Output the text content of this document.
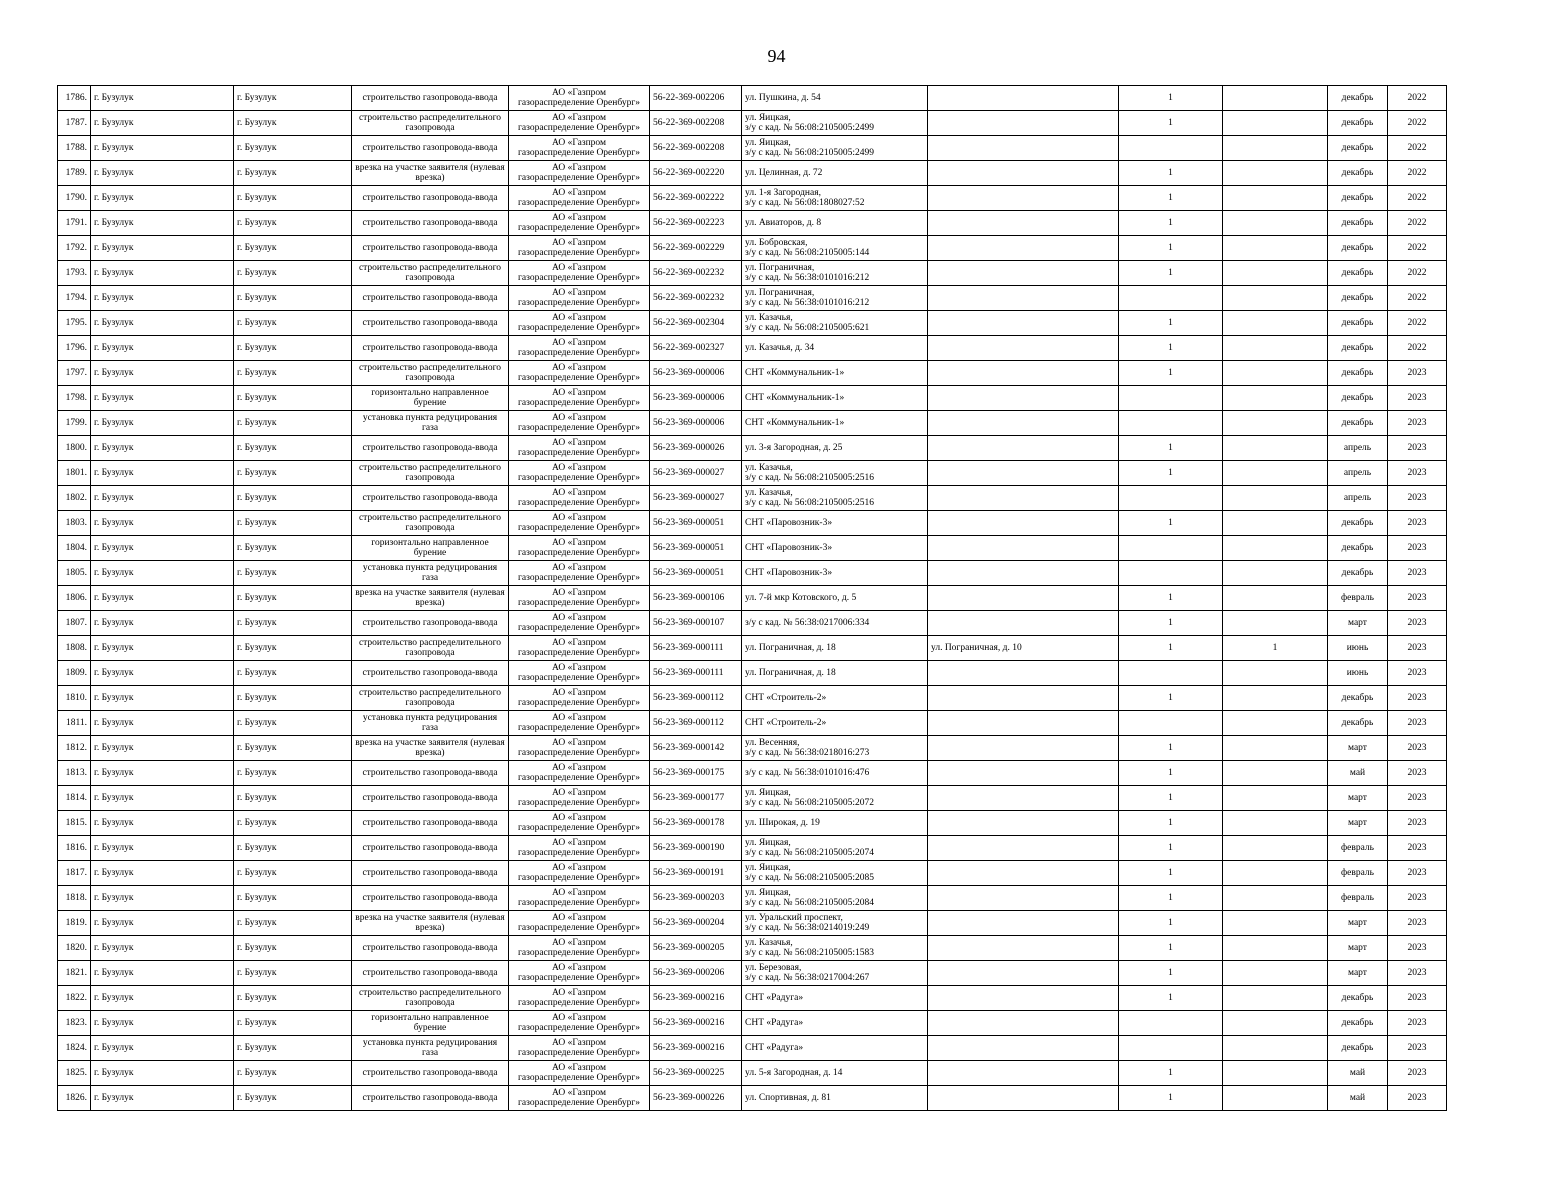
94
1786.	г. Бузулук	г. Бузулук	строительство газопровода-ввода	АО «Газпром
газораспределение Оренбург»	56-22-369-002206	ул. Пушкина, д. 54		1		декабрь	2022
1787.	г. Бузулук	г. Бузулук	строительство распределительного газопровода	АО «Газпром
газораспределение Оренбург»	56-22-369-002208	ул. Яицкая,
з/у с кад. № 56:08:2105005:2499		1		декабрь	2022
1788.	г. Бузулук	г. Бузулук	строительство газопровода-ввода	АО «Газпром
газораспределение Оренбург»	56-22-369-002208	ул. Яицкая,
з/у с кад. № 56:08:2105005:2499				декабрь	2022
1789.	г. Бузулук	г. Бузулук	врезка на участке заявителя (нулевая врезка)	АО «Газпром
газораспределение Оренбург»	56-22-369-002220	ул. Целинная, д. 72		1		декабрь	2022
1790.	г. Бузулук	г. Бузулук	строительство газопровода-ввода	АО «Газпром
газораспределение Оренбург»	56-22-369-002222	ул. 1-я Загородная,
з/у с кад. № 56:08:1808027:52		1		декабрь	2022
1791.	г. Бузулук	г. Бузулук	строительство газопровода-ввода	АО «Газпром
газораспределение Оренбург»	56-22-369-002223	ул. Авиаторов, д. 8		1		декабрь	2022
1792.	г. Бузулук	г. Бузулук	строительство газопровода-ввода	АО «Газпром
газораспределение Оренбург»	56-22-369-002229	ул. Бобровская,
з/у с кад. № 56:08:2105005:144		1		декабрь	2022
1793.	г. Бузулук	г. Бузулук	строительство распределительного газопровода	АО «Газпром
газораспределение Оренбург»	56-22-369-002232	ул. Пограничная,
з/у с кад. № 56:38:0101016:212		1		декабрь	2022
1794.	г. Бузулук	г. Бузулук	строительство газопровода-ввода	АО «Газпром
газораспределение Оренбург»	56-22-369-002232	ул. Пограничная,
з/у с кад. № 56:38:0101016:212				декабрь	2022
1795.	г. Бузулук	г. Бузулук	строительство газопровода-ввода	АО «Газпром
газораспределение Оренбург»	56-22-369-002304	ул. Казачья,
з/у с кад. № 56:08:2105005:621		1		декабрь	2022
1796.	г. Бузулук	г. Бузулук	строительство газопровода-ввода	АО «Газпром
газораспределение Оренбург»	56-22-369-002327	ул. Казачья, д. 34		1		декабрь	2022
1797.	г. Бузулук	г. Бузулук	строительство распределительного газопровода	АО «Газпром
газораспределение Оренбург»	56-23-369-000006	СНТ «Коммунальник-1»		1		декабрь	2023
1798.	г. Бузулук	г. Бузулук	горизонтально направленное бурение	АО «Газпром
газораспределение Оренбург»	56-23-369-000006	СНТ «Коммунальник-1»				декабрь	2023
1799.	г. Бузулук	г. Бузулук	установка пункта редуцирования газа	АО «Газпром
газораспределение Оренбург»	56-23-369-000006	СНТ «Коммунальник-1»				декабрь	2023
1800.	г. Бузулук	г. Бузулук	строительство газопровода-ввода	АО «Газпром
газораспределение Оренбург»	56-23-369-000026	ул. 3-я Загородная, д. 25		1		апрель	2023
1801.	г. Бузулук	г. Бузулук	строительство распределительного газопровода	АО «Газпром
газораспределение Оренбург»	56-23-369-000027	ул. Казачья,
з/у с кад. № 56:08:2105005:2516		1		апрель	2023
1802.	г. Бузулук	г. Бузулук	строительство газопровода-ввода	АО «Газпром
газораспределение Оренбург»	56-23-369-000027	ул. Казачья,
з/у с кад. № 56:08:2105005:2516				апрель	2023
1803.	г. Бузулук	г. Бузулук	строительство распределительного газопровода	АО «Газпром
газораспределение Оренбург»	56-23-369-000051	СНТ «Паровозник-3»		1		декабрь	2023
1804.	г. Бузулук	г. Бузулук	горизонтально направленное бурение	АО «Газпром
газораспределение Оренбург»	56-23-369-000051	СНТ «Паровозник-3»				декабрь	2023
1805.	г. Бузулук	г. Бузулук	установка пункта редуцирования газа	АО «Газпром
газораспределение Оренбург»	56-23-369-000051	СНТ «Паровозник-3»				декабрь	2023
1806.	г. Бузулук	г. Бузулук	врезка на участке заявителя (нулевая врезка)	АО «Газпром
газораспределение Оренбург»	56-23-369-000106	ул. 7-й мкр Котовского, д. 5		1		февраль	2023
1807.	г. Бузулук	г. Бузулук	строительство газопровода-ввода	АО «Газпром
газораспределение Оренбург»	56-23-369-000107	з/у с кад. № 56:38:0217006:334		1		март	2023
1808.	г. Бузулук	г. Бузулук	строительство распределительного газопровода	АО «Газпром
газораспределение Оренбург»	56-23-369-000111	ул. Пограничная, д. 18	ул. Пограничная, д. 10	1	1	июнь	2023
1809.	г. Бузулук	г. Бузулук	строительство газопровода-ввода	АО «Газпром
газораспределение Оренбург»	56-23-369-000111	ул. Пограничная, д. 18				июнь	2023
1810.	г. Бузулук	г. Бузулук	строительство распределительного газопровода	АО «Газпром
газораспределение Оренбург»	56-23-369-000112	СНТ «Строитель-2»		1		декабрь	2023
1811.	г. Бузулук	г. Бузулук	установка пункта редуцирования газа	АО «Газпром
газораспределение Оренбург»	56-23-369-000112	СНТ «Строитель-2»				декабрь	2023
1812.	г. Бузулук	г. Бузулук	врезка на участке заявителя (нулевая врезка)	АО «Газпром
газораспределение Оренбург»	56-23-369-000142	ул. Весенняя,
з/у с кад. № 56:38:0218016:273		1		март	2023
1813.	г. Бузулук	г. Бузулук	строительство газопровода-ввода	АО «Газпром
газораспределение Оренбург»	56-23-369-000175	з/у с кад. № 56:38:0101016:476		1		май	2023
1814.	г. Бузулук	г. Бузулук	строительство газопровода-ввода	АО «Газпром
газораспределение Оренбург»	56-23-369-000177	ул. Яицкая,
з/у с кад. № 56:08:2105005:2072		1		март	2023
1815.	г. Бузулук	г. Бузулук	строительство газопровода-ввода	АО «Газпром
газораспределение Оренбург»	56-23-369-000178	ул. Широкая, д. 19		1		март	2023
1816.	г. Бузулук	г. Бузулук	строительство газопровода-ввода	АО «Газпром
газораспределение Оренбург»	56-23-369-000190	ул. Яицкая,
з/у с кад. № 56:08:2105005:2074		1		февраль	2023
1817.	г. Бузулук	г. Бузулук	строительство газопровода-ввода	АО «Газпром
газораспределение Оренбург»	56-23-369-000191	ул. Яицкая,
з/у с кад. № 56:08:2105005:2085		1		февраль	2023
1818.	г. Бузулук	г. Бузулук	строительство газопровода-ввода	АО «Газпром
газораспределение Оренбург»	56-23-369-000203	ул. Яицкая,
з/у с кад. № 56:08:2105005:2084		1		февраль	2023
1819.	г. Бузулук	г. Бузулук	врезка на участке заявителя (нулевая врезка)	АО «Газпром
газораспределение Оренбург»	56-23-369-000204	ул. Уральский проспект,
з/у с кад. № 56:38:0214019:249		1		март	2023
1820.	г. Бузулук	г. Бузулук	строительство газопровода-ввода	АО «Газпром
газораспределение Оренбург»	56-23-369-000205	ул. Казачья,
з/у с кад. № 56:08:2105005:1583		1		март	2023
1821.	г. Бузулук	г. Бузулук	строительство газопровода-ввода	АО «Газпром
газораспределение Оренбург»	56-23-369-000206	ул. Березовая,
з/у с кад. № 56:38:0217004:267		1		март	2023
1822.	г. Бузулук	г. Бузулук	строительство распределительного газопровода	АО «Газпром
газораспределение Оренбург»	56-23-369-000216	СНТ «Радуга»		1		декабрь	2023
1823.	г. Бузулук	г. Бузулук	горизонтально направленное бурение	АО «Газпром
газораспределение Оренбург»	56-23-369-000216	СНТ «Радуга»				декабрь	2023
1824.	г. Бузулук	г. Бузулук	установка пункта редуцирования газа	АО «Газпром
газораспределение Оренбург»	56-23-369-000216	СНТ «Радуга»				декабрь	2023
1825.	г. Бузулук	г. Бузулук	строительство газопровода-ввода	АО «Газпром
газораспределение Оренбург»	56-23-369-000225	ул. 5-я Загородная, д. 14		1		май	2023
1826.	г. Бузулук	г. Бузулук	строительство газопровода-ввода	АО «Газпром
газораспределение Оренбург»	56-23-369-000226	ул. Спортивная, д. 81		1		май	2023
